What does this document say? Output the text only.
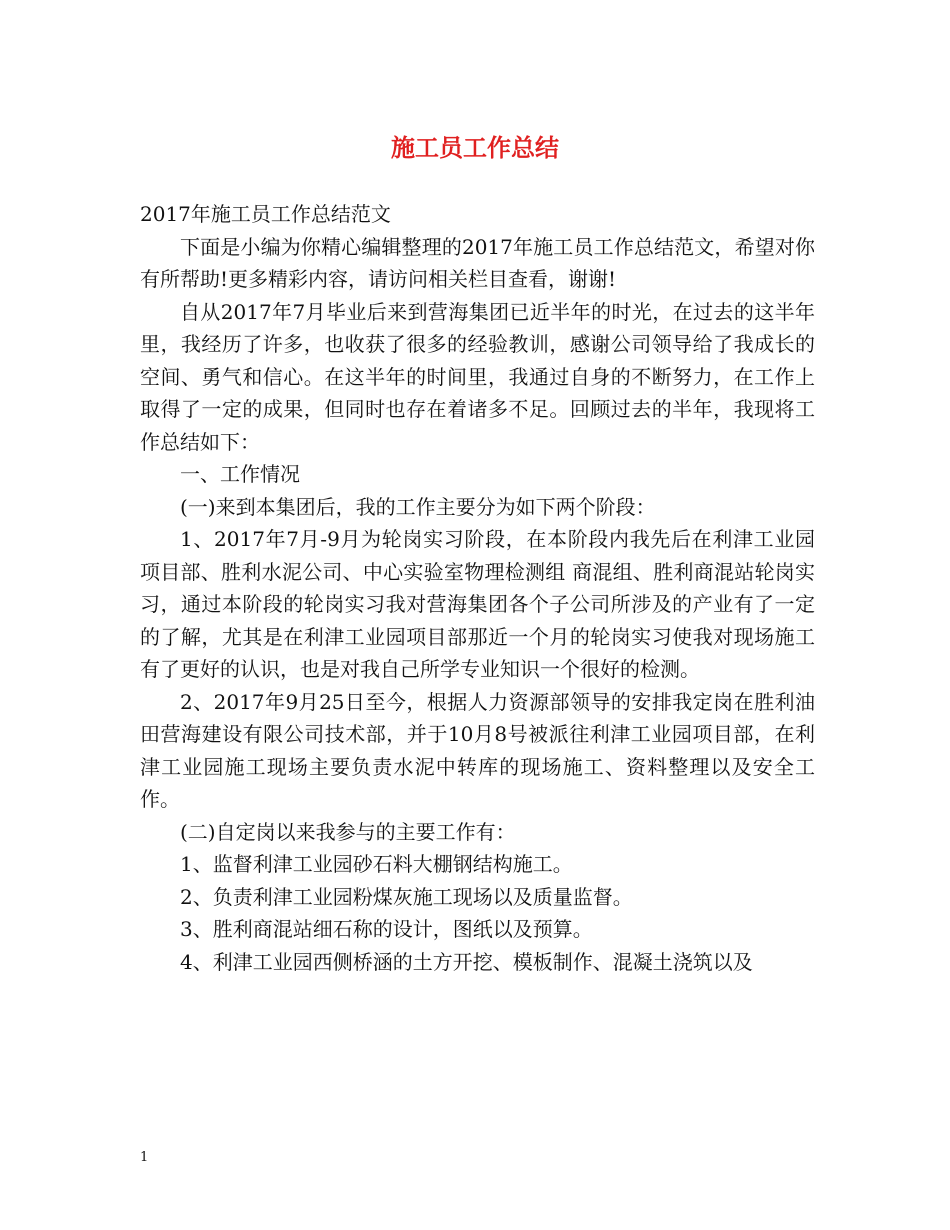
施工员工作总结

2017年施工员工作总结范文

下面是小编为你精心编辑整理的2017年施工员工作总结范文，希望对你有所帮助!更多精彩内容，请访问相关栏目查看，谢谢!

自从2017年7月毕业后来到营海集团已近半年的时光，在过去的这半年里，我经历了许多，也收获了很多的经验教训，感谢公司领导给了我成长的空间、勇气和信心。在这半年的时间里，我通过自身的不断努力，在工作上取得了一定的成果，但同时也存在着诸多不足。回顾过去的半年，我现将工作总结如下：

一、工作情况

(一)来到本集团后，我的工作主要分为如下两个阶段：

1、2017年7月-9月为轮岗实习阶段，在本阶段内我先后在利津工业园项目部、胜利水泥公司、中心实验室物理检测组 商混组、胜利商混站轮岗实习，通过本阶段的轮岗实习我对营海集团各个子公司所涉及的产业有了一定的了解，尤其是在利津工业园项目部那近一个月的轮岗实习使我对现场施工有了更好的认识，也是对我自己所学专业知识一个很好的检测。

2、2017年9月25日至今，根据人力资源部领导的安排我定岗在胜利油田营海建设有限公司技术部，并于10月8号被派往利津工业园项目部，在利津工业园施工现场主要负责水泥中转库的现场施工、资料整理以及安全工作。

(二)自定岗以来我参与的主要工作有：

1、监督利津工业园砂石料大棚钢结构施工。

2、负责利津工业园粉煤灰施工现场以及质量监督。

3、胜利商混站细石称的设计，图纸以及预算。

4、利津工业园西侧桥涵的土方开挖、模板制作、混凝土浇筑以及

1
